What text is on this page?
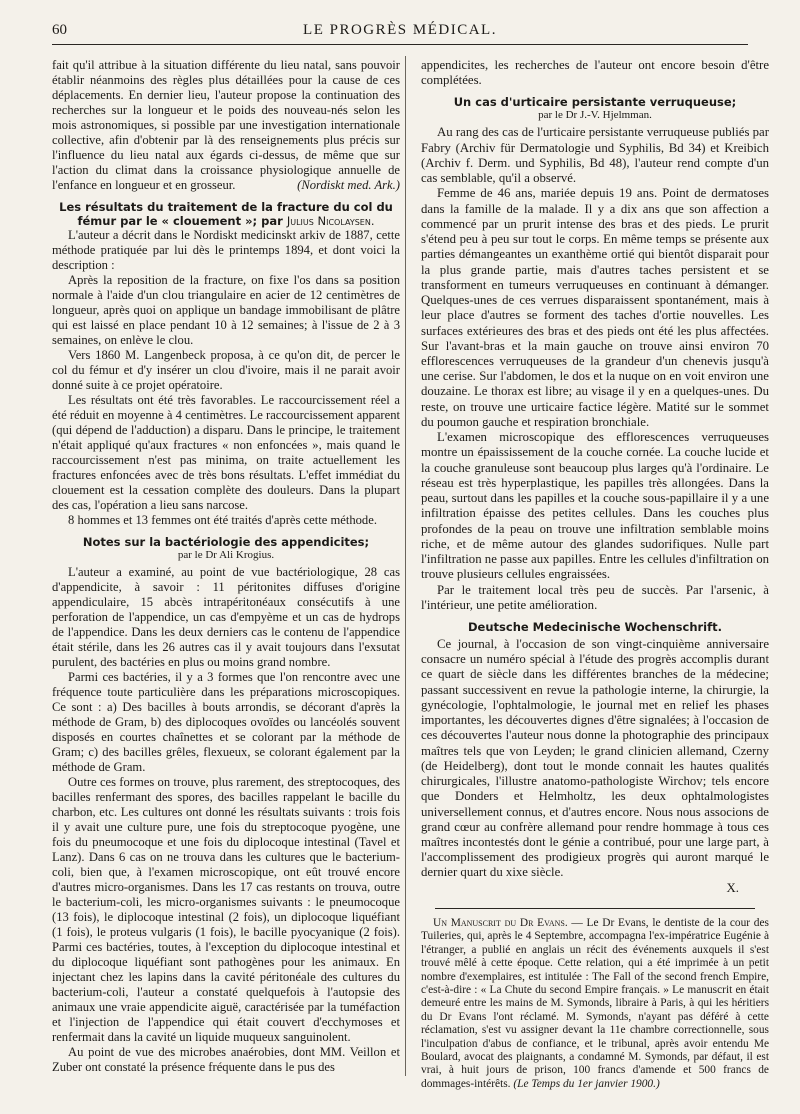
60	LE PROGRÈS MÉDICAL.

fait qu'il attribue à la situation différente du lieu natal, sans pouvoir établir néanmoins des règles plus détaillées pour la cause de ces déplacements. En dernier lieu, l'auteur propose la continuation des recherches sur la longueur et le poids des nouveau-nés selon les mois astronomiques, si possible par une investigation internationale collective, afin d'obtenir par là des renseignements plus précis sur l'influence du lieu natal aux égards ci-dessus, de même que sur l'action du climat dans la croissance physiologique annuelle de l'enfance en longueur et en grosseur.	(Nordiskt med. Ark.)

Les résultats du traitement de la fracture du col du fémur par le « clouement »; par Julius Nicolaysen.

L'auteur a décrit dans le Nordiskt medicinskt arkiv de 1887, cette méthode pratiquée par lui dès le printemps 1894, et dont voici la description :

Après la reposition de la fracture, on fixe l'os dans sa position normale à l'aide d'un clou triangulaire en acier de 12 centimètres de longueur, après quoi on applique un bandage immobilisant de plâtre qui est laissé en place pendant 10 à 12 semaines; à l'issue de 2 à 3 semaines, on enlève le clou.

Vers 1860 M. Langenbeck proposa, à ce qu'on dit, de percer le col du fémur et d'y insérer un clou d'ivoire, mais il ne parait avoir donné suite à ce projet opératoire.

Les résultats ont été très favorables. Le raccourcissement réel a été réduit en moyenne à 4 centimètres. Le raccourcissement apparent (qui dépend de l'adduction) a disparu. Dans le principe, le traitement n'était appliqué qu'aux fractures « non enfoncées », mais quand le raccourcissement n'est pas minima, on traite actuellement les fractures enfoncées avec de très bons résultats. L'effet immédiat du clouement est la cessation complète des douleurs. Dans la plupart des cas, l'opération a lieu sans narcose.

8 hommes et 13 femmes ont été traités d'après cette méthode.

Notes sur la bactériologie des appendicites;
par le Dr Ali Krogius.

L'auteur a examiné, au point de vue bactériologique, 28 cas d'appendicite, à savoir : 11 péritonites diffuses d'origine appendiculaire, 15 abcès intrapéritonéaux consécutifs à une perforation de l'appendice, un cas d'empyème et un cas de hydrops de l'appendice. Dans les deux derniers cas le contenu de l'appendice était stérile, dans les 26 autres cas il y avait toujours dans l'exsutat purulent, des bactéries en plus ou moins grand nombre.

Parmi ces bactéries, il y a 3 formes que l'on rencontre avec une fréquence toute particulière dans les préparations microscopiques. Ce sont : a) Des bacilles à bouts arrondis, se décorant d'après la méthode de Gram, b) des diplocoques ovoïdes ou lancéolés souvent disposés en courtes chaînettes et se colorant par la méthode de Gram; c) des bacilles grêles, flexueux, se colorant également par la méthode de Gram.

Outre ces formes on trouve, plus rarement, des streptocoques, des bacilles renfermant des spores, des bacilles rappelant le bacille du charbon, etc. Les cultures ont donné les résultats suivants : trois fois il y avait une culture pure, une fois du streptocoque pyogène, une fois du pneumocoque et une fois du diplocoque intestinal (Tavel et Lanz). Dans 6 cas on ne trouva dans les cultures que le bacterium-coli, bien que, à l'examen microscopique, ont eût trouvé encore d'autres micro-organismes. Dans les 17 cas restants on trouva, outre le bacterium-coli, les micro-organismes suivants : le pneumocoque (13 fois), le diplocoque intestinal (2 fois), un diplocoque liquéfiant (1 fois), le proteus vulgaris (1 fois), le bacille pyocyanique (2 fois). Parmi ces bactéries, toutes, à l'exception du diplocoque intestinal et du diplocoque liquéfiant sont pathogènes pour les animaux. En injectant chez les lapins dans la cavité péritonéale des cultures du bacterium-coli, l'auteur a constaté quelquefois à l'autopsie des animaux une vraie appendicite aiguë, caractérisée par la tuméfaction et l'injection de l'appendice qui était couvert d'ecchymoses et renfermait dans la cavité un liquide muqueux sanguinolent.

Au point de vue des microbes anaérobies, dont MM. Veillon et Zuber ont constaté la présence fréquente dans le pus des

appendicites, les recherches de l'auteur ont encore besoin d'être complétées.

Un cas d'urticaire persistante verruqueuse;
par le Dr J.-V. Hjelmman.

Au rang des cas de l'urticaire persistante verruqueuse publiés par Fabry (Archiv für Dermatologie und Syphilis, Bd 34) et Kreibich (Archiv f. Derm. und Syphilis, Bd 48), l'auteur rend compte d'un cas semblable, qu'il a observé.

Femme de 46 ans, mariée depuis 19 ans. Point de dermatoses dans la famille de la malade. Il y a dix ans que son affection a commencé par un prurit intense des bras et des pieds. Le prurit s'étend peu à peu sur tout le corps. En même temps se présente aux parties démangeantes un exanthème ortié qui bientôt disparait pour la plus grande partie, mais d'autres taches persistent et se transforment en tumeurs verruqueuses en continuant à démanger. Quelques-unes de ces verrues disparaissent spontanément, mais à leur place d'autres se forment des taches d'ortie nouvelles. Les surfaces extérieures des bras et des pieds ont été les plus affectées. Sur l'avant-bras et la main gauche on trouve ainsi environ 70 efflorescences verruqueuses de la grandeur d'un chenevis jusqu'à une cerise. Sur l'abdomen, le dos et la nuque on en voit environ une douzaine. Le thorax est libre; au visage il y en a quelques-unes. Du reste, on trouve une urticaire factice légère. Matité sur le sommet du poumon gauche et respiration bronchiale.

L'examen microscopique des efflorescences verruqueuses montre un épaississement de la couche cornée. La couche lucide et la couche granuleuse sont beaucoup plus larges qu'à l'ordinaire. Le réseau est très hyperplastique, les papilles très allongées. Dans la peau, surtout dans les papilles et la couche sous-papillaire il y a une infiltration épaisse des petites cellules. Dans les couches plus profondes de la peau on trouve une infiltration semblable moins riche, et de même autour des glandes sudorifiques. Nulle part l'infiltration ne passe aux papilles. Entre les cellules d'infiltration on trouve plusieurs cellules engraissées.

Par le traitement local très peu de succès. Par l'arsenic, à l'intérieur, une petite amélioration.

Deutsche Medecinische Wochenschrift.

Ce journal, à l'occasion de son vingt-cinquième anniversaire consacre un numéro spécial à l'étude des progrès accomplis durant ce quart de siècle dans les différentes branches de la médecine; passant successivent en revue la pathologie interne, la chirurgie, la gynécologie, l'ophtalmologie, le journal met en relief les phases importantes, les découvertes dignes d'être signalées; à l'occasion de ces découvertes l'auteur nous donne la photographie des principaux maîtres tels que von Leyden; le grand clinicien allemand, Czerny (de Heidelberg), dont tout le monde connait les hautes qualités chirurgicales, l'illustre anatomo-pathologiste Wirchov; tels encore que Donders et Helmholtz, les deux ophtalmologistes universellement connus, et d'autres encore. Nous nous associons de grand cœur au confrère allemand pour rendre hommage à tous ces maîtres incontestés dont le génie a contribué, pour une large part, à l'accomplissement des prodigieux progrès qui auront marqué le dernier quart du xixe siècle.

X.

Un Manuscrit du Dr Evans. — Le Dr Evans, le dentiste de la cour des Tuileries, qui, après le 4 Septembre, accompagna l'ex-impératrice Eugénie à l'étranger, a publié en anglais un récit des événements auxquels il s'est trouvé mêlé à cette époque. Cette relation, qui a été imprimée à un petit nombre d'exemplaires, est intitulée : The Fall of the second french Empire, c'est-à-dire : « La Chute du second Empire français. » Le manuscrit en était demeuré entre les mains de M. Symonds, libraire à Paris, à qui les héritiers du Dr Evans l'ont réclamé. M. Symonds, n'ayant pas déféré à cette réclamation, s'est vu assigner devant la 11e chambre correctionnelle, sous l'inculpation d'abus de confiance, et le tribunal, après avoir entendu Me Boulard, avocat des plaignants, a condamné M. Symonds, par défaut, il est vrai, à huit jours de prison, 100 francs d'amende et 500 francs de dommages-intérêts. (Le Temps du 1er janvier 1900.)
